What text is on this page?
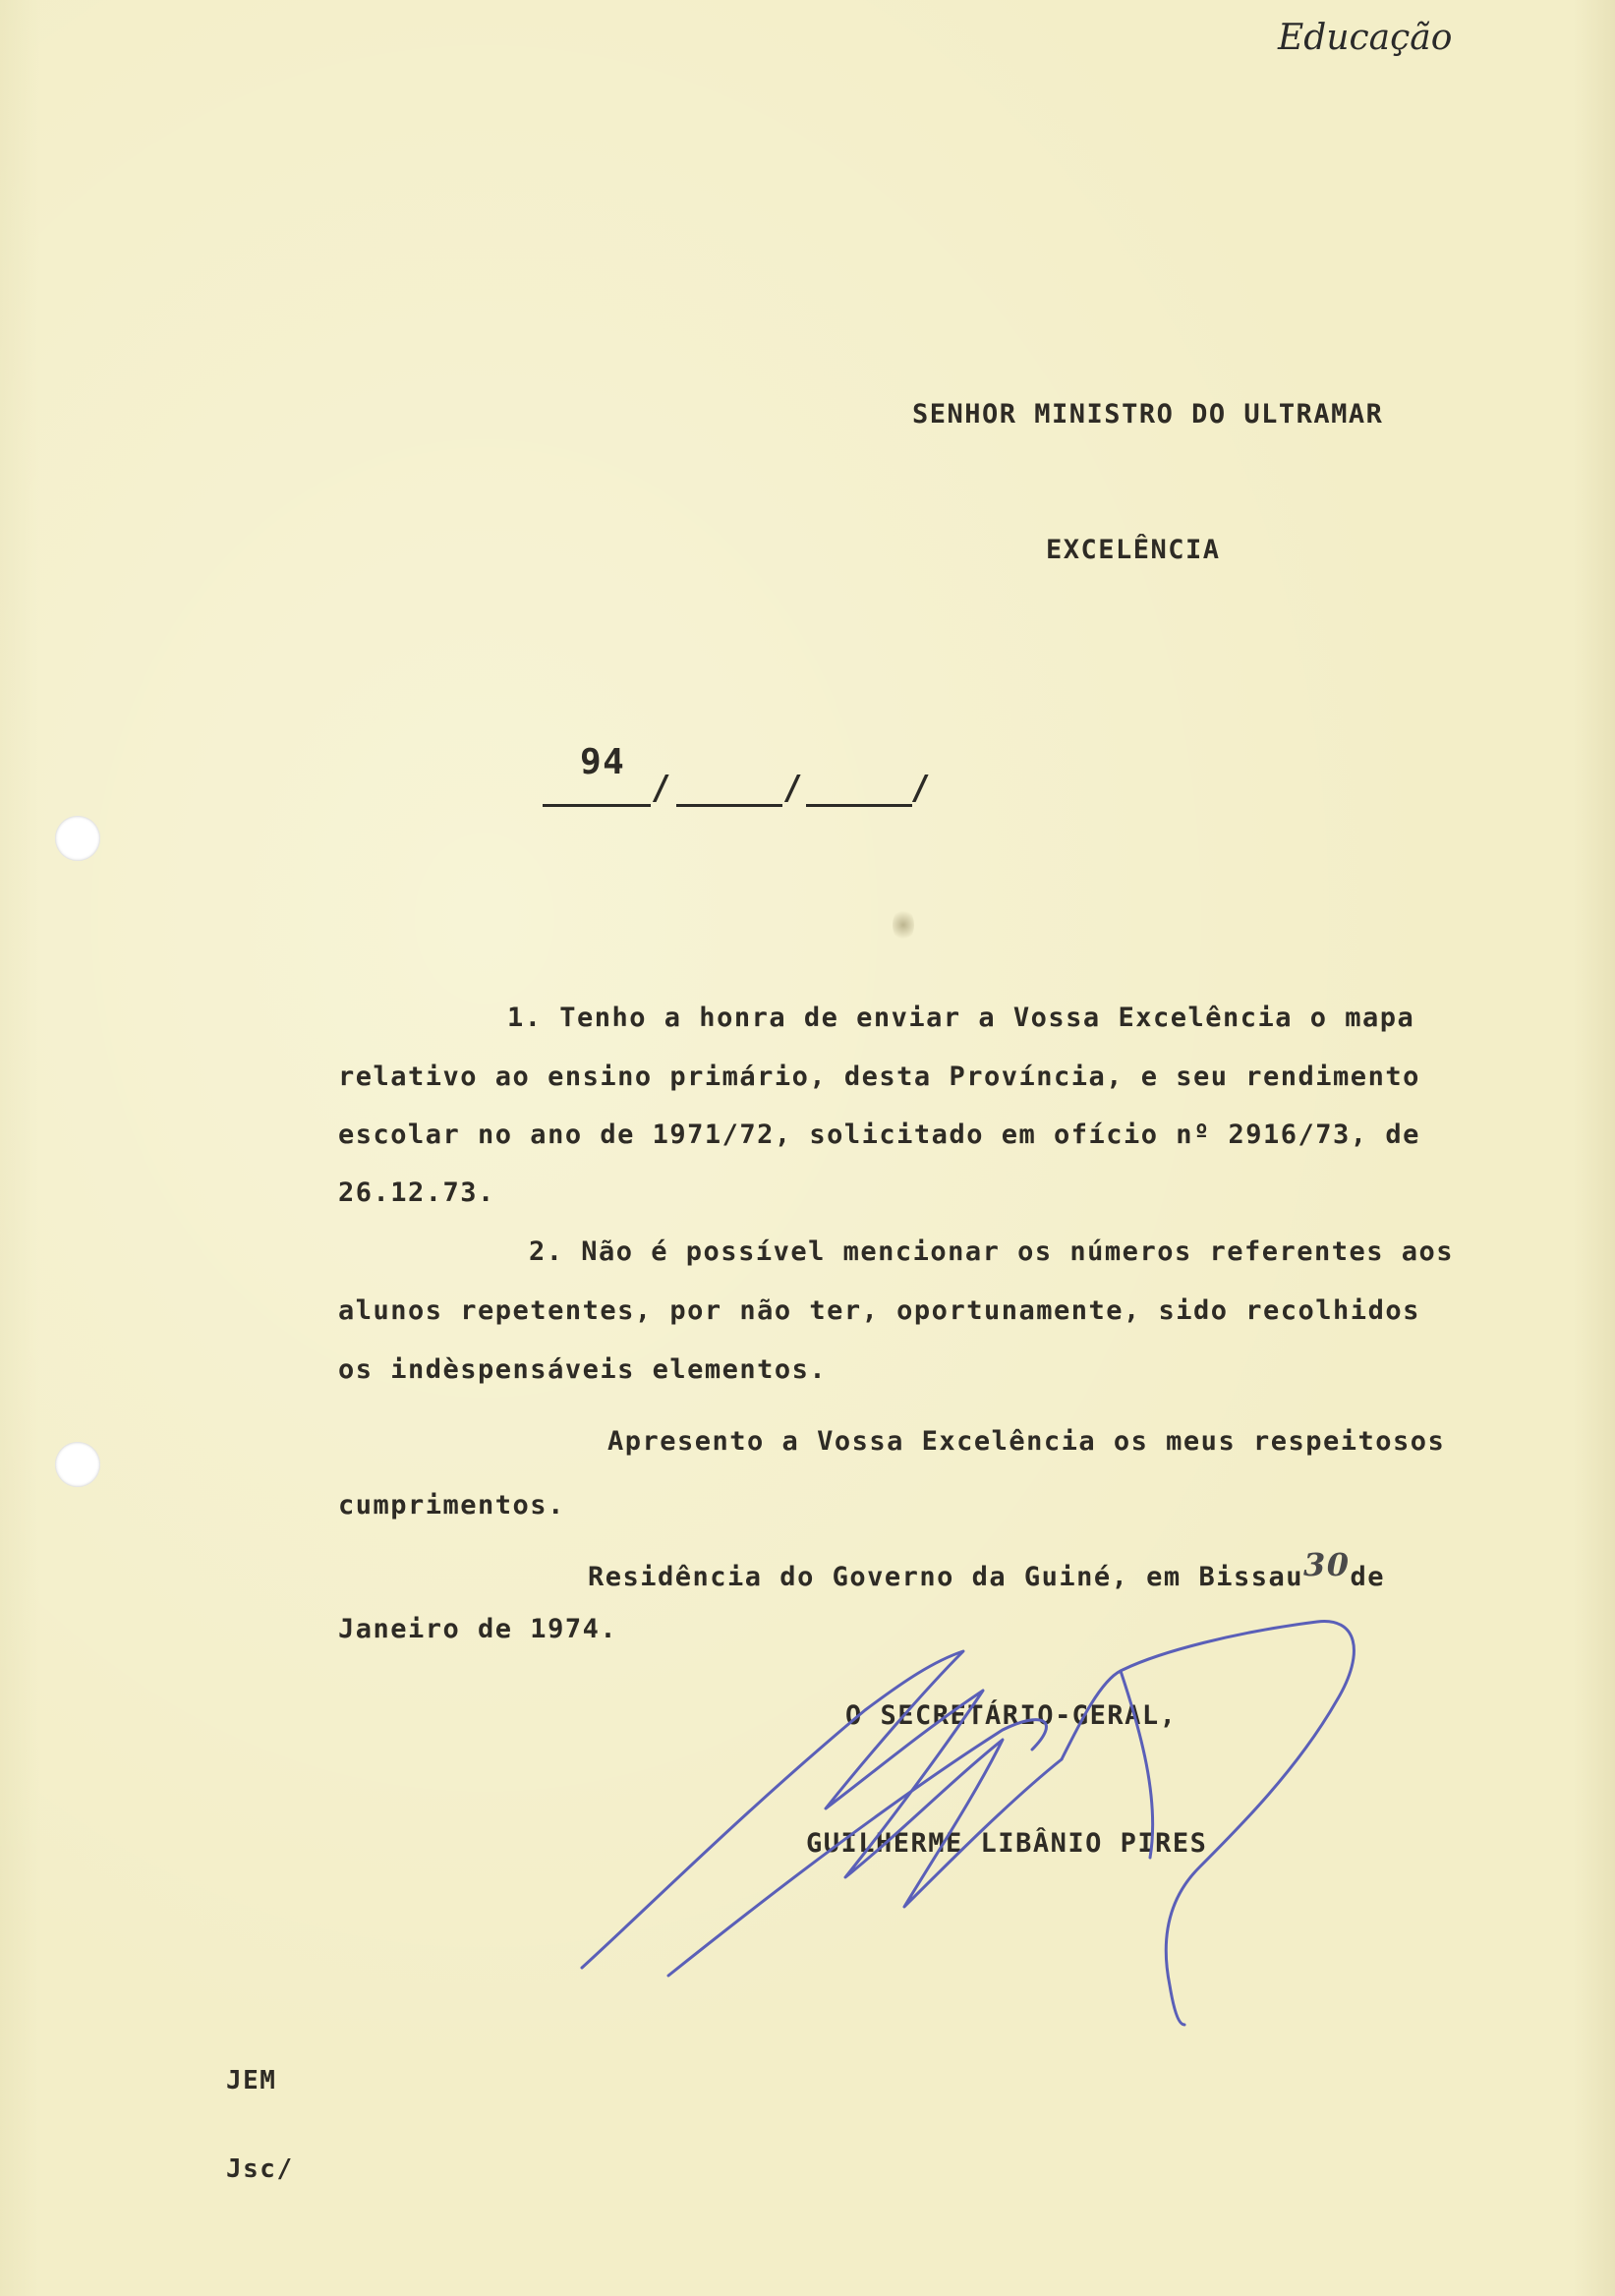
Educação
SENHOR MINISTRO DO ULTRAMAR
EXCELÊNCIA
94
/	/	/
1. Tenho a honra de enviar a Vossa Excelência o mapa
relativo ao ensino primário, desta Província, e seu rendimento
escolar no ano de 1971/72, solicitado em ofício nº 2916/73, de
26.12.73.
2. Não é possível mencionar os números referentes aos
alunos repetentes, por não ter, oportunamente, sido recolhidos
os indèspensáveis elementos.
Apresento a Vossa Excelência os meus respeitosos
cumprimentos.
Residência do Governo da Guiné, em Bissau30de
Janeiro de 1974.
O SECRETÁRIO-GERAL,
GUILHERME LIBÂNIO PIRES
JEM
Jsc/
